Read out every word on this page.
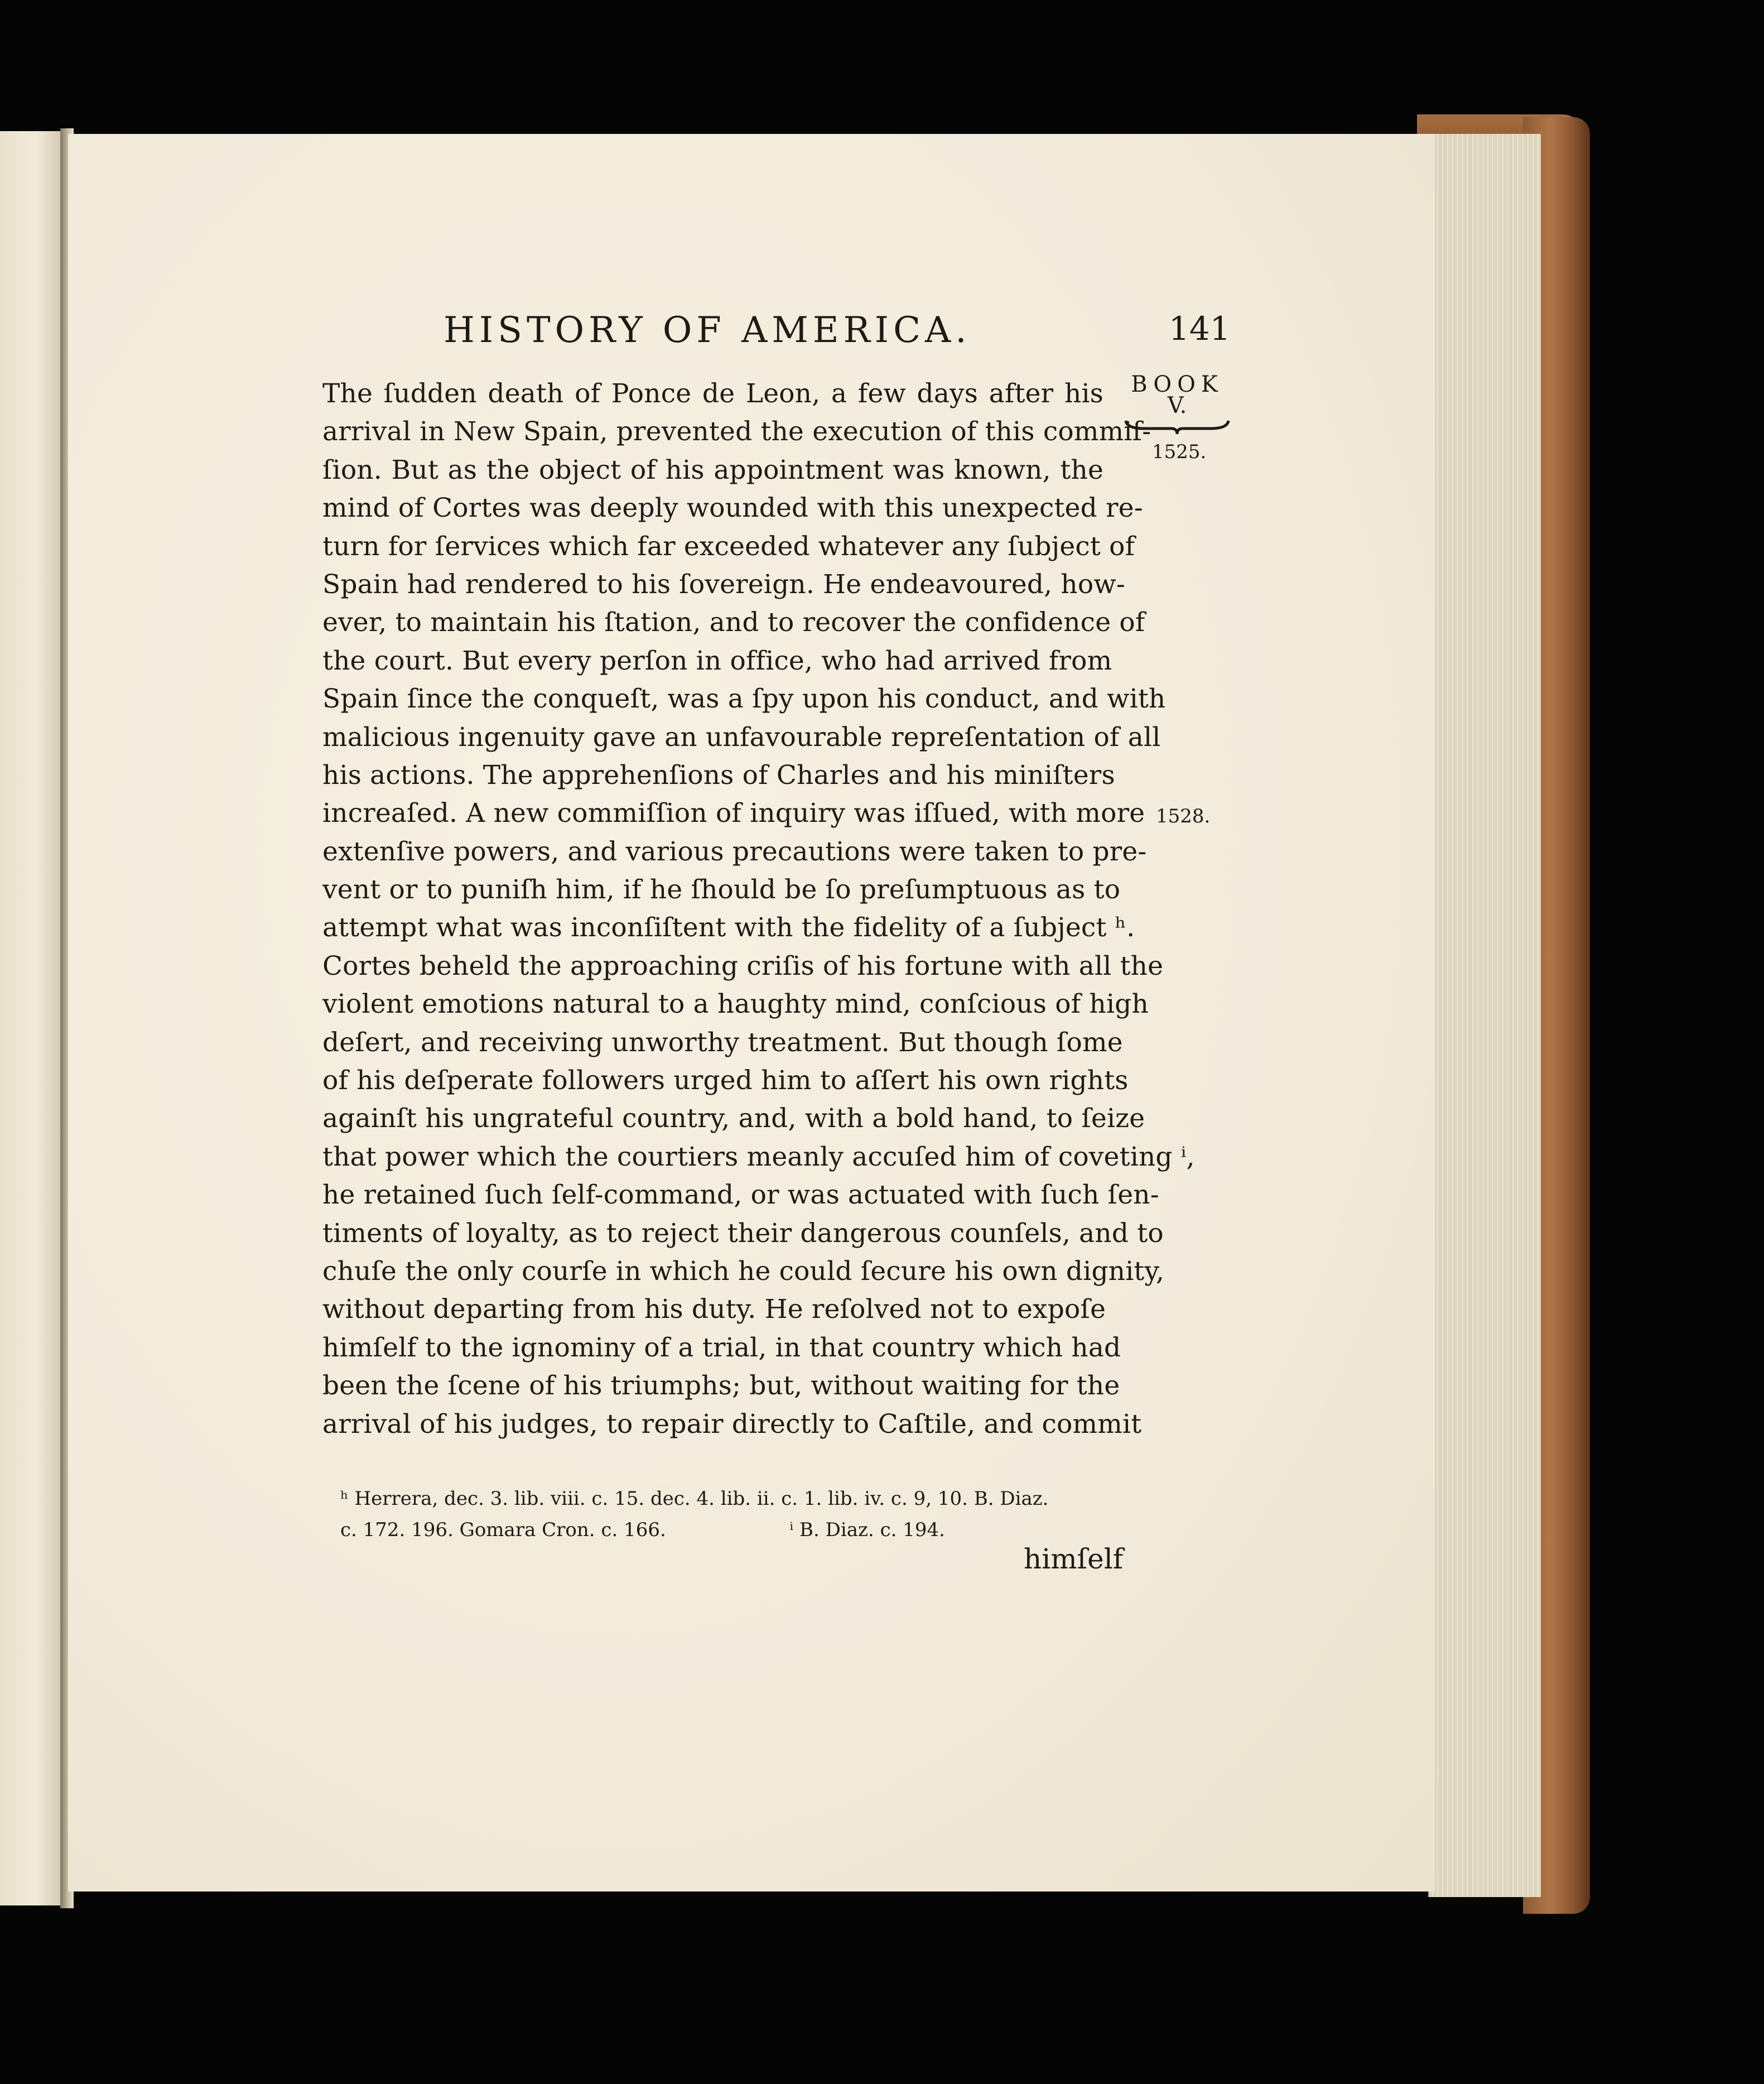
HISTORY OF AMERICA.	141
BOOK
V.
1525.
1528.
The ſudden death of Ponce de Leon, a few days after his
arrival in New Spain, prevented the execution of this commiſ-
ſion. But as the object of his appointment was known, the
mind of Cortes was deeply wounded with this unexpected re-
turn for ſervices which far exceeded whatever any ſubject of
Spain had rendered to his ſovereign. He endeavoured, how-
ever, to maintain his ſtation, and to recover the confidence of
the court. But every perſon in office, who had arrived from
Spain ſince the conqueſt, was a ſpy upon his conduct, and with
malicious ingenuity gave an unfavourable repreſentation of all
his actions. The apprehenſions of Charles and his miniſters
increaſed. A new commiſſion of inquiry was iſſued, with more
extenſive powers, and various precautions were taken to pre-
vent or to puniſh him, if he ſhould be ſo preſumptuous as to
attempt what was inconſiſtent with the fidelity of a ſubject ʰ.
Cortes beheld the approaching criſis of his fortune with all the
violent emotions natural to a haughty mind, conſcious of high
deſert, and receiving unworthy treatment. But though ſome
of his deſperate followers urged him to aſſert his own rights
againſt his ungrateful country, and, with a bold hand, to ſeize
that power which the courtiers meanly accuſed him of coveting ⁱ,
he retained ſuch ſelf-command, or was actuated with ſuch ſen-
timents of loyalty, as to reject their dangerous counſels, and to
chuſe the only courſe in which he could ſecure his own dignity,
without departing from his duty. He reſolved not to expoſe
himſelf to the ignominy of a trial, in that country which had
been the ſcene of his triumphs; but, without waiting for the
arrival of his judges, to repair directly to Caſtile, and commit
ʰ Herrera, dec. 3. lib. viii. c. 15. dec. 4. lib. ii. c. 1. lib. iv. c. 9, 10. B. Diaz.
c. 172. 196. Gomara Cron. c. 166.	ⁱ B. Diaz. c. 194.
himſelf
